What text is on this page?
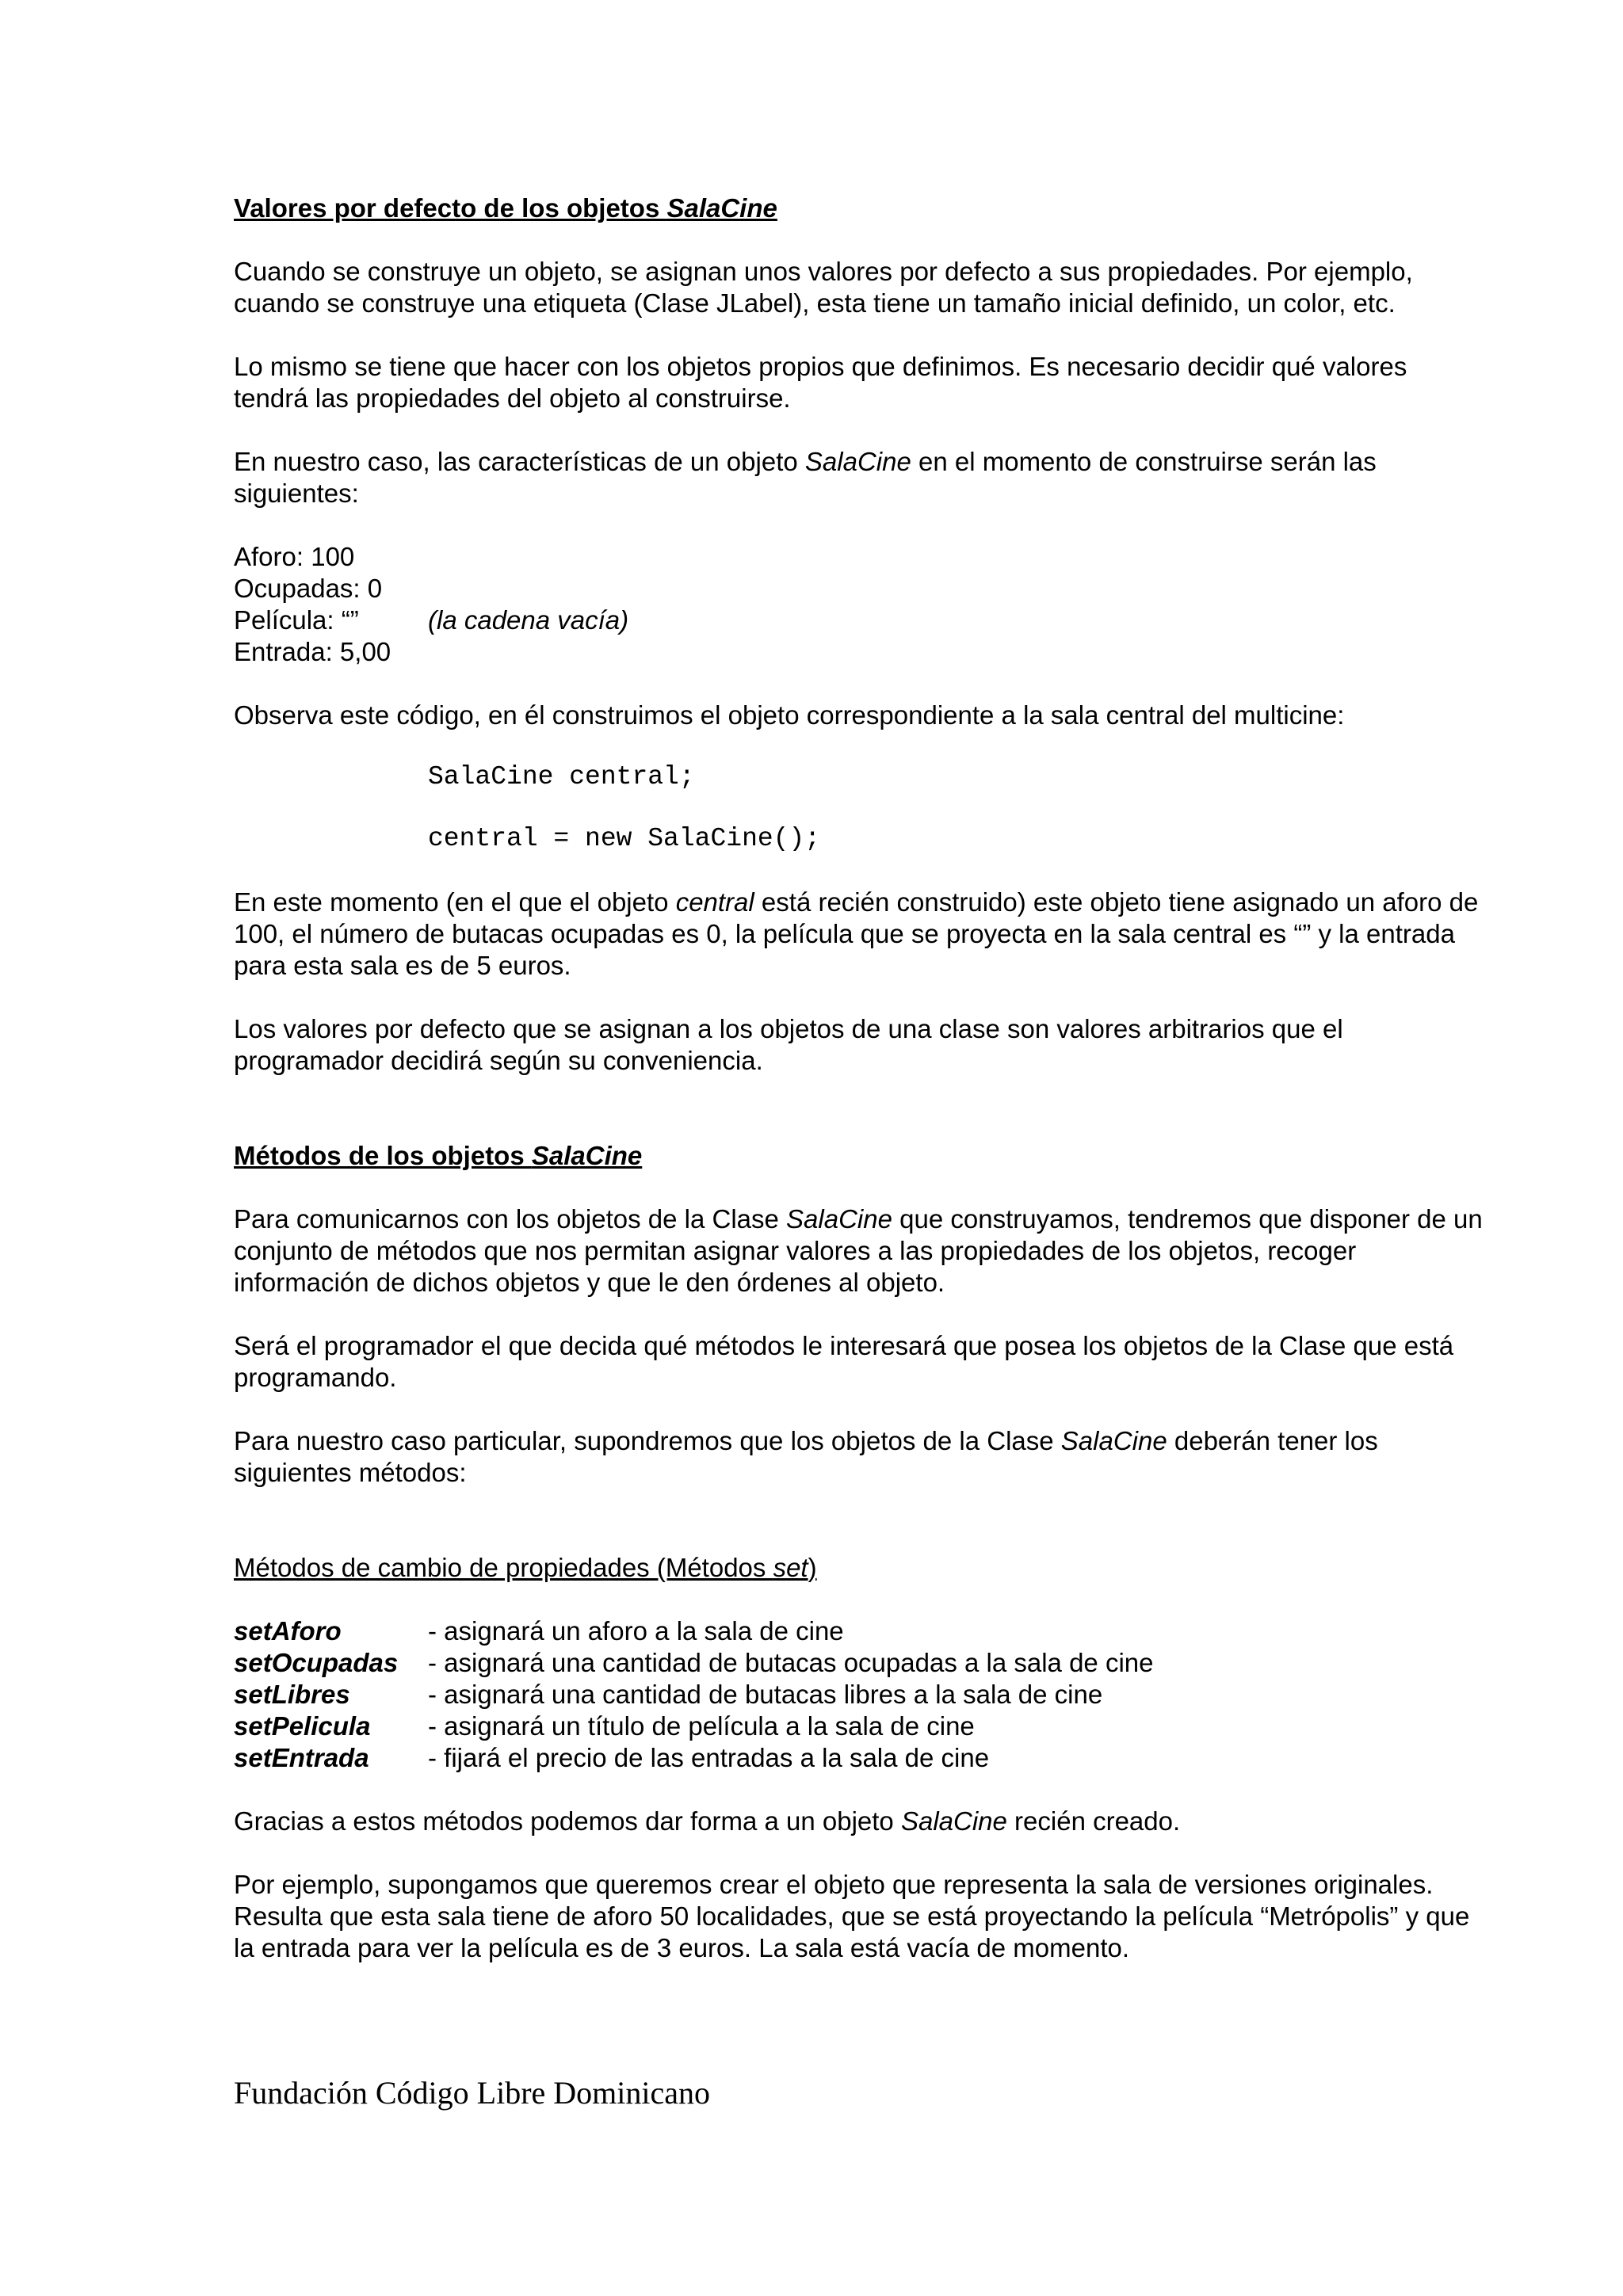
Valores por defecto de los objetos SalaCine

Cuando se construye un objeto, se asignan unos valores por defecto a sus propiedades. Por ejemplo, cuando se construye una etiqueta (Clase JLabel), esta tiene un tamaño inicial definido, un color, etc.

Lo mismo se tiene que hacer con los objetos propios que definimos. Es necesario decidir qué valores tendrá las propiedades del objeto al construirse.

En nuestro caso, las características de un objeto SalaCine en el momento de construirse serán las siguientes:

Aforo: 100
Ocupadas: 0
Película: “”	(la cadena vacía)
Entrada: 5,00

Observa este código, en él construimos el objeto correspondiente a la sala central del multicine:

SalaCine central;

central = new SalaCine();

En este momento (en el que el objeto central está recién construido) este objeto tiene asignado un aforo de 100, el número de butacas ocupadas es 0, la película que se proyecta en la sala central es “” y la entrada para esta sala es de 5 euros.

Los valores por defecto que se asignan a los objetos de una clase son valores arbitrarios que el programador decidirá según su conveniencia.

Métodos de los objetos SalaCine

Para comunicarnos con los objetos de la Clase SalaCine que construyamos, tendremos que disponer de un conjunto de métodos que nos permitan asignar valores a las propiedades de los objetos, recoger información de dichos objetos y que le den órdenes al objeto.

Será el programador el que decida qué métodos le interesará que posea los objetos de la Clase que está programando.

Para nuestro caso particular, supondremos que los objetos de la Clase SalaCine deberán tener los siguientes métodos:

Métodos de cambio de propiedades (Métodos set)

setAforo	- asignará un aforo a la sala de cine
setOcupadas	- asignará una cantidad de butacas ocupadas a la sala de cine
setLibres	- asignará una cantidad de butacas libres a la sala de cine
setPelicula	- asignará un título de película a la sala de cine
setEntrada	- fijará el precio de las entradas a la sala de cine

Gracias a estos métodos podemos dar forma a un objeto SalaCine recién creado.

Por ejemplo, supongamos que queremos crear el objeto que representa la sala de versiones originales. Resulta que esta sala tiene de aforo 50 localidades, que se está proyectando la película “Metrópolis” y que la entrada para ver la película es de 3 euros. La sala está vacía de momento.

Fundación Código Libre Dominicano
